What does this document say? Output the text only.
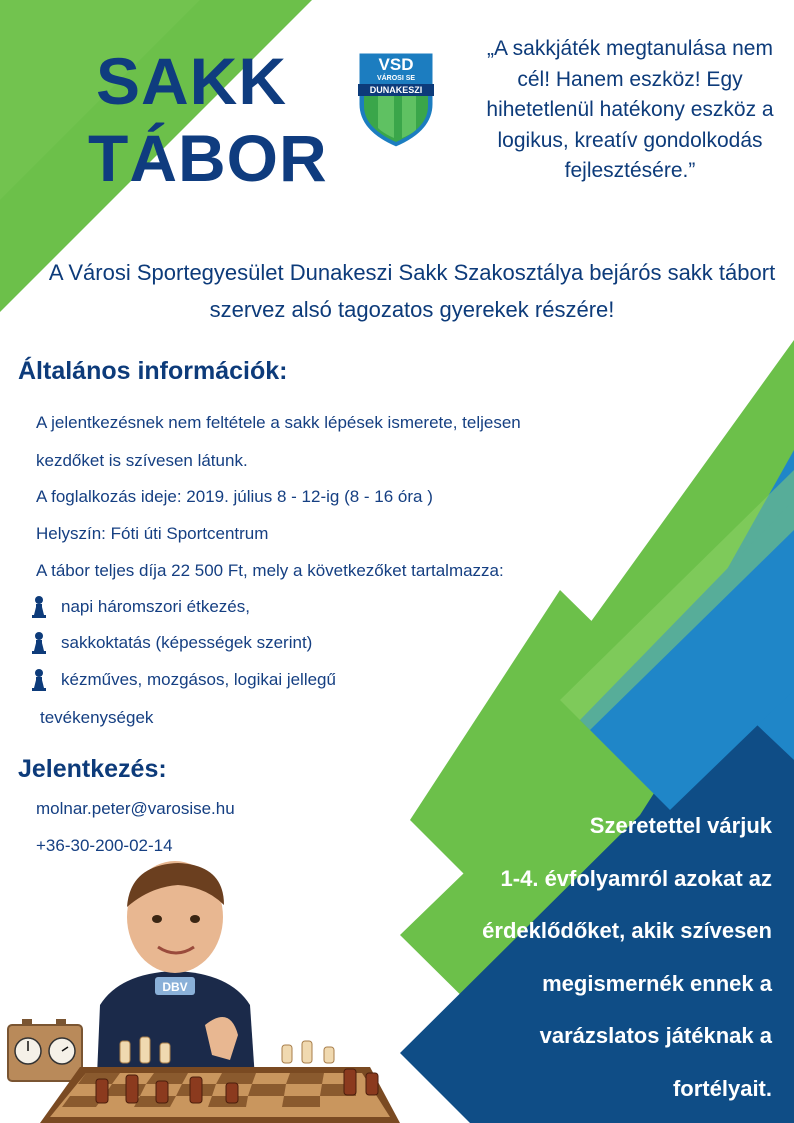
SAKK
TÁBOR
VSD
VÁROSI SE
DUNAKESZI
„A sakkjáték megtanulása nem cél! Hanem eszköz! Egy hihetetlenül hatékony eszköz a logikus, kreatív gondolkodás fejlesztésére.”
A Városi Sportegyesület Dunakeszi Sakk Szakosztálya bejárós sakk tábort szervez alsó tagozatos gyerekek részére!
Általános információk:
A jelentkezésnek nem feltétele a sakk lépések ismerete, teljesen
kezdőket is szívesen látunk.
A foglalkozás ideje: 2019. július 8 - 12-ig (8 - 16 óra )
Helyszín: Fóti úti Sportcentrum
A tábor teljes díja 22 500 Ft, mely a következőket tartalmazza:
napi háromszori étkezés,
sakkoktatás (képességek szerint)
kézműves, mozgásos, logikai jellegű
tevékenységek
Jelentkezés:
molnar.peter@varosise.hu
+36-30-200-02-14
Szeretettel várjuk
1-4. évfolyamról azokat az
érdeklődőket, akik szívesen
megismernék ennek a
varázslatos játéknak a
fortélyait.
DBV
